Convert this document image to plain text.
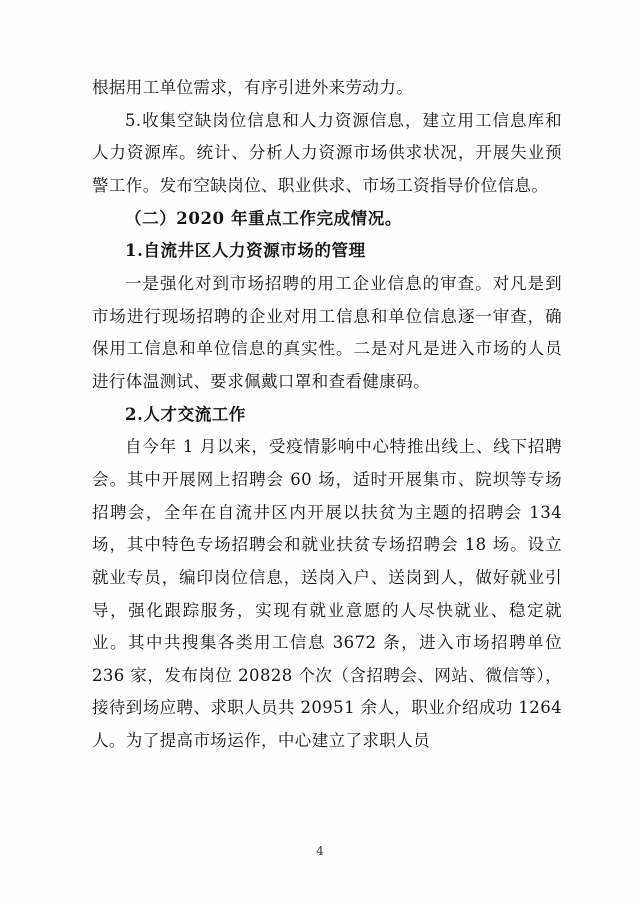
根据用工单位需求，有序引进外来劳动力。

5.收集空缺岗位信息和人力资源信息，建立用工信息库和人力资源库。统计、分析人力资源市场供求状况，开展失业预警工作。发布空缺岗位、职业供求、市场工资指导价位信息。

（二）2020 年重点工作完成情况。

1.自流井区人力资源市场的管理

一是强化对到市场招聘的用工企业信息的审查。对凡是到市场进行现场招聘的企业对用工信息和单位信息逐一审查，确保用工信息和单位信息的真实性。二是对凡是进入市场的人员进行体温测试、要求佩戴口罩和查看健康码。

2.人才交流工作

自今年 1 月以来，受疫情影响中心特推出线上、线下招聘会。其中开展网上招聘会 60 场，适时开展集市、院坝等专场招聘会，全年在自流井区内开展以扶贫为主题的招聘会 134 场，其中特色专场招聘会和就业扶贫专场招聘会 18 场。设立就业专员，编印岗位信息，送岗入户、送岗到人，做好就业引导，强化跟踪服务，实现有就业意愿的人尽快就业、稳定就业。其中共搜集各类用工信息 3672 条，进入市场招聘单位 236 家，发布岗位 20828 个次（含招聘会、网站、微信等），接待到场应聘、求职人员共 20951 余人，职业介绍成功 1264 人。为了提高市场运作，中心建立了求职人员

4
